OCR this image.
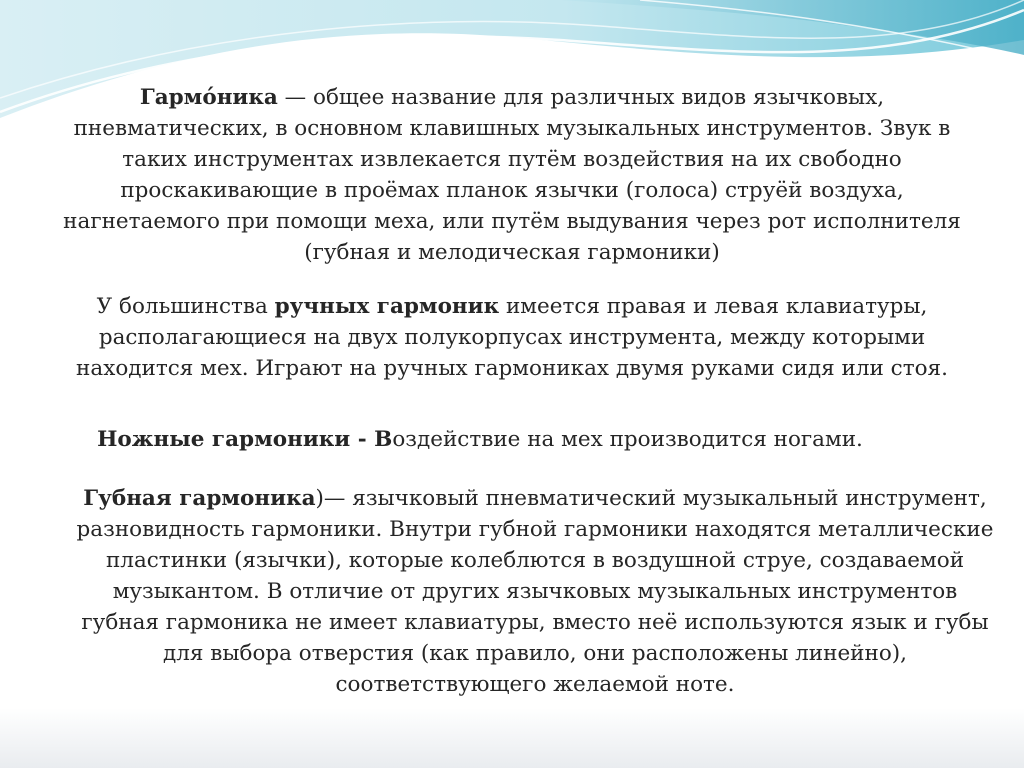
Гармо́ника — общее название для различных видов язычковых, пневматических, в основном клавишных музыкальных инструментов. Звук в таких инструментах извлекается путём воздействия на их свободно проскакивающие в проёмах планок язычки (голоса) струёй воздуха, нагнетаемого при помощи меха, или путём выдувания через рот исполнителя (губная и мелодическая гармоники)

У большинства ручных гармоник имеется правая и левая клавиатуры, располагающиеся на двух полукорпусах инструмента, между которыми находится мех. Играют на ручных гармониках двумя руками сидя или стоя.

Ножные гармоники - Воздействие на мех производится ногами.

Губная гармоника)— язычковый пневматический музыкальный инструмент, разновидность гармоники. Внутри губной гармоники находятся металлические пластинки (язычки), которые колеблются в воздушной струе, создаваемой музыкантом. В отличие от других язычковых музыкальных инструментов губная гармоника не имеет клавиатуры, вместо неё используются язык и губы для выбора отверстия (как правило, они расположены линейно), соответствующего желаемой ноте.
